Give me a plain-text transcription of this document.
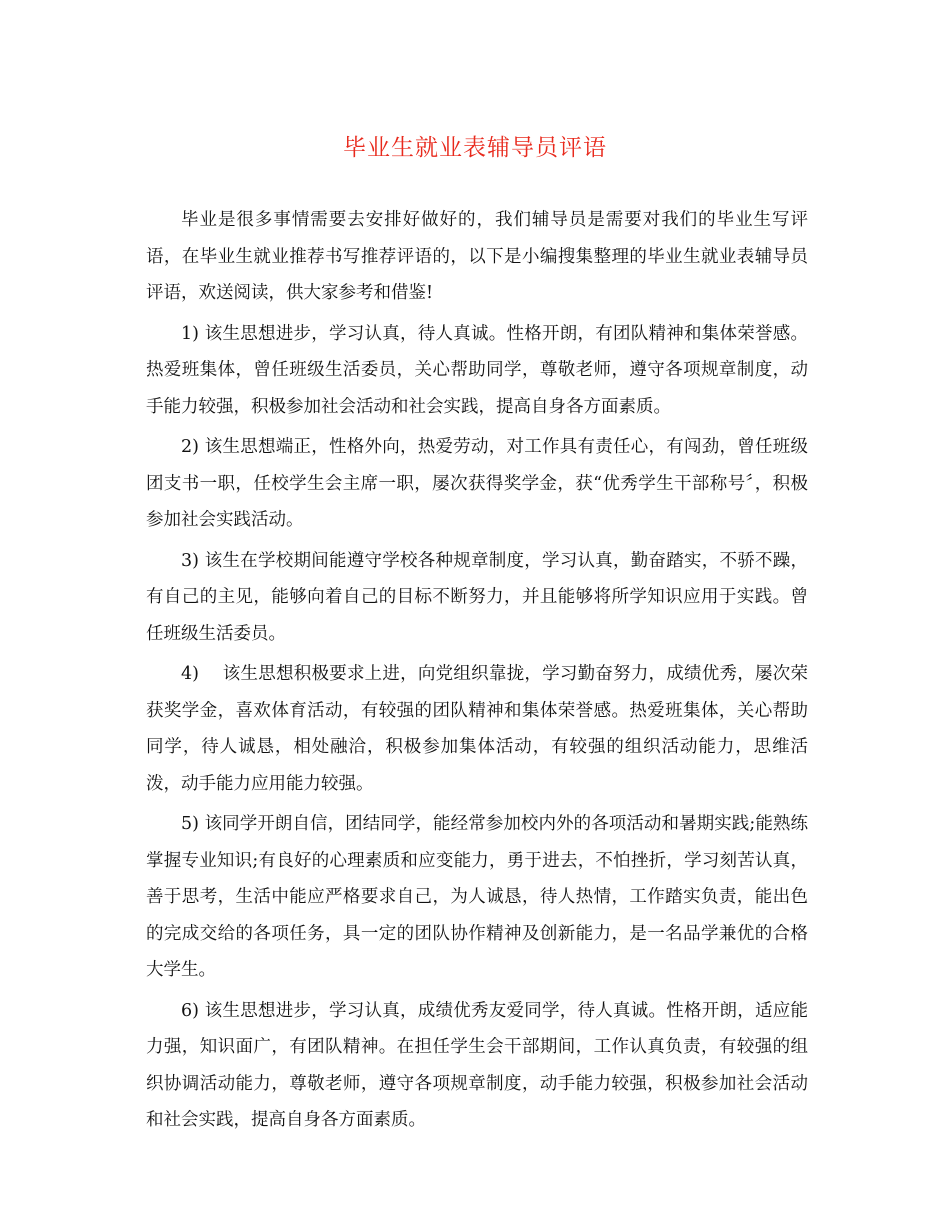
毕业生就业表辅导员评语

毕业是很多事情需要去安排好做好的，我们辅导员是需要对我们的毕业生写评语，在毕业生就业推荐书写推荐评语的，以下是小编搜集整理的毕业生就业表辅导员评语，欢送阅读，供大家参考和借鉴!

1) 该生思想进步，学习认真，待人真诚。性格开朗，有团队精神和集体荣誉感。热爱班集体，曾任班级生活委员，关心帮助同学，尊敬老师，遵守各项规章制度，动手能力较强，积极参加社会活动和社会实践，提高自身各方面素质。

2) 该生思想端正，性格外向，热爱劳动，对工作具有责任心，有闯劲，曾任班级团支书一职，任校学生会主席一职，屡次获得奖学金，获“优秀学生干部称号〞，积极参加社会实践活动。

3) 该生在学校期间能遵守学校各种规章制度，学习认真，勤奋踏实，不骄不躁，有自己的主见，能够向着自己的目标不断努力，并且能够将所学知识应用于实践。曾任班级生活委员。

4)　 该生思想积极要求上进，向党组织靠拢，学习勤奋努力，成绩优秀，屡次荣获奖学金，喜欢体育活动，有较强的团队精神和集体荣誉感。热爱班集体，关心帮助同学，待人诚恳，相处融洽，积极参加集体活动，有较强的组织活动能力，思维活泼，动手能力应用能力较强。

5) 该同学开朗自信，团结同学，能经常参加校内外的各项活动和暑期实践;能熟练掌握专业知识;有良好的心理素质和应变能力，勇于进去，不怕挫折，学习刻苦认真，善于思考，生活中能应严格要求自己，为人诚恳，待人热情，工作踏实负责，能出色的完成交给的各项任务，具一定的团队协作精神及创新能力，是一名品学兼优的合格大学生。

6) 该生思想进步，学习认真，成绩优秀友爱同学，待人真诚。性格开朗，适应能力强，知识面广，有团队精神。在担任学生会干部期间，工作认真负责，有较强的组织协调活动能力，尊敬老师，遵守各项规章制度，动手能力较强，积极参加社会活动和社会实践，提高自身各方面素质。
